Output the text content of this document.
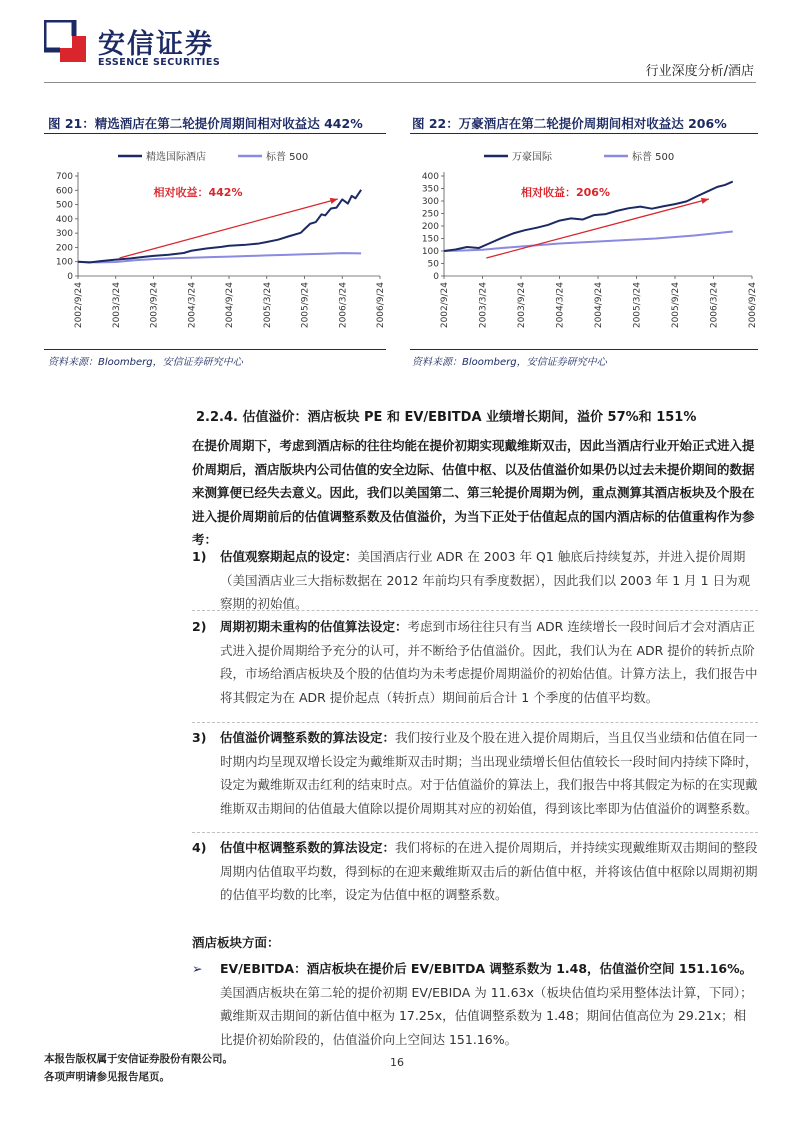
安信证券
ESSENCE SECURITIES
行业深度分析/酒店
图 21：精选酒店在第二轮提价周期间相对收益达 442%
精选国际酒店	标普 500
0
100
200
300
400
500
600
700
2002/9/24	2003/3/24	2003/9/24	2004/3/24	2004/9/24	2005/3/24	2005/9/24	2006/3/24	2006/9/24
相对收益：442%
资料来源：Bloomberg，安信证券研究中心
图 22：万豪酒店在第二轮提价周期间相对收益达 206%
万豪国际	标普 500
0
50
100
150
200
250
300
350
400
2002/9/24	2003/3/24	2003/9/24	2004/3/24	2004/9/24	2005/3/24	2005/9/24	2006/3/24	2006/9/24
相对收益：206%
资料来源：Bloomberg，安信证券研究中心
2.2.4. 估值溢价：酒店板块 PE 和 EV/EBITDA 业绩增长期间，溢价 57%和 151%
在提价周期下，考虑到酒店标的往往均能在提价初期实现戴维斯双击，因此当酒店行业开始正式进入提价周期后，酒店版块内公司估值的安全边际、估值中枢、以及估值溢价如果仍以过去未提价期间的数据来测算便已经失去意义。因此，我们以美国第二、第三轮提价周期为例，重点测算其酒店板块及个股在进入提价周期前后的估值调整系数及估值溢价，为当下正处于估值起点的国内酒店标的估值重构作为参考：
1) 估值观察期起点的设定：美国酒店行业 ADR 在 2003 年 Q1 触底后持续复苏，并进入提价周期（美国酒店业三大指标数据在 2012 年前均只有季度数据），因此我们以 2003 年 1 月 1 日为观察期的初始值。
2) 周期初期未重构的估值算法设定：考虑到市场往往只有当 ADR 连续增长一段时间后才会对酒店正式进入提价周期给予充分的认可，并不断给予估值溢价。因此，我们认为在 ADR 提价的转折点阶段，市场给酒店板块及个股的估值均为未考虑提价周期溢价的初始估值。计算方法上，我们报告中将其假定为在 ADR 提价起点（转折点）期间前后合计 1 个季度的估值平均数。
3) 估值溢价调整系数的算法设定：我们按行业及个股在进入提价周期后，当且仅当业绩和估值在同一时期内均呈现双增长设定为戴维斯双击时期；当出现业绩增长但估值较长一段时间内持续下降时，设定为戴维斯双击红利的结束时点。对于估值溢价的算法上，我们报告中将其假定为标的在实现戴维斯双击期间的估值最大值除以提价周期其对应的初始值，得到该比率即为估值溢价的调整系数。
4) 估值中枢调整系数的算法设定：我们将标的在进入提价周期后，并持续实现戴维斯双击期间的整段周期内估值取平均数，得到标的在迎来戴维斯双击后的新估值中枢，并将该估值中枢除以周期初期的估值平均数的比率，设定为估值中枢的调整系数。
酒店板块方面：
➢ EV/EBITDA：酒店板块在提价后 EV/EBITDA 调整系数为 1.48，估值溢价空间 151.16%。
美国酒店板块在第二轮的提价初期 EV/EBIDA 为 11.63x（板块估值均采用整体法计算，下同）；戴维斯双击期间的新估值中枢为 17.25x，估值调整系数为 1.48；期间估值高位为 29.21x；相比提价初始阶段的，估值溢价向上空间达 151.16%。
本报告版权属于安信证券股份有限公司。
各项声明请参见报告尾页。
16
